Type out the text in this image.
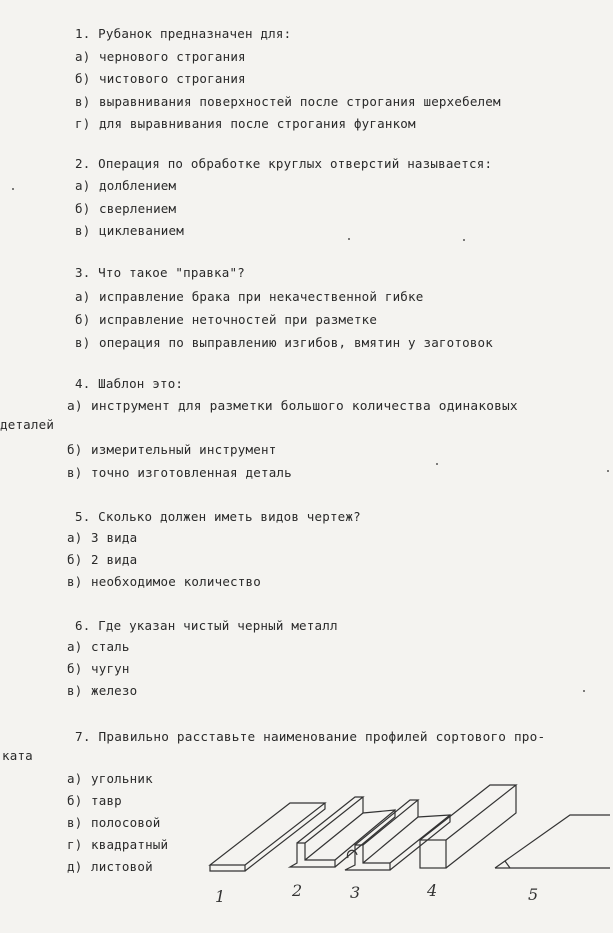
1. Рубанок предназначен для:
а) чернового строгания
б) чистового строгания
в) выравнивания поверхностей после строгания шерхебелем
г) для выравнивания после строгания фуганком
2. Операция по обработке круглых отверстий называется:
а) долблением
б) сверлением
в) циклеванием
3. Что такое "правка"?
а) исправление брака при некачественной гибке
б) исправление неточностей при разметке
в) операция по выправлению изгибов, вмятин у заготовок
4. Шаблон это:
а) инструмент для разметки большого количества одинаковых
деталей
б) измерительный инструмент
в) точно изготовленная деталь
5. Сколько должен иметь видов чертеж?
а) 3 вида
б) 2 вида
в) необходимое количество
6. Где указан чистый черный металл
а) сталь
б) чугун
в) железо
7. Правильно расставьте наименование профилей сортового про-
ката
а) угольник
б) тавр
в) полосовой
г) квадратный
д) листовой
1	2	3	4	5
